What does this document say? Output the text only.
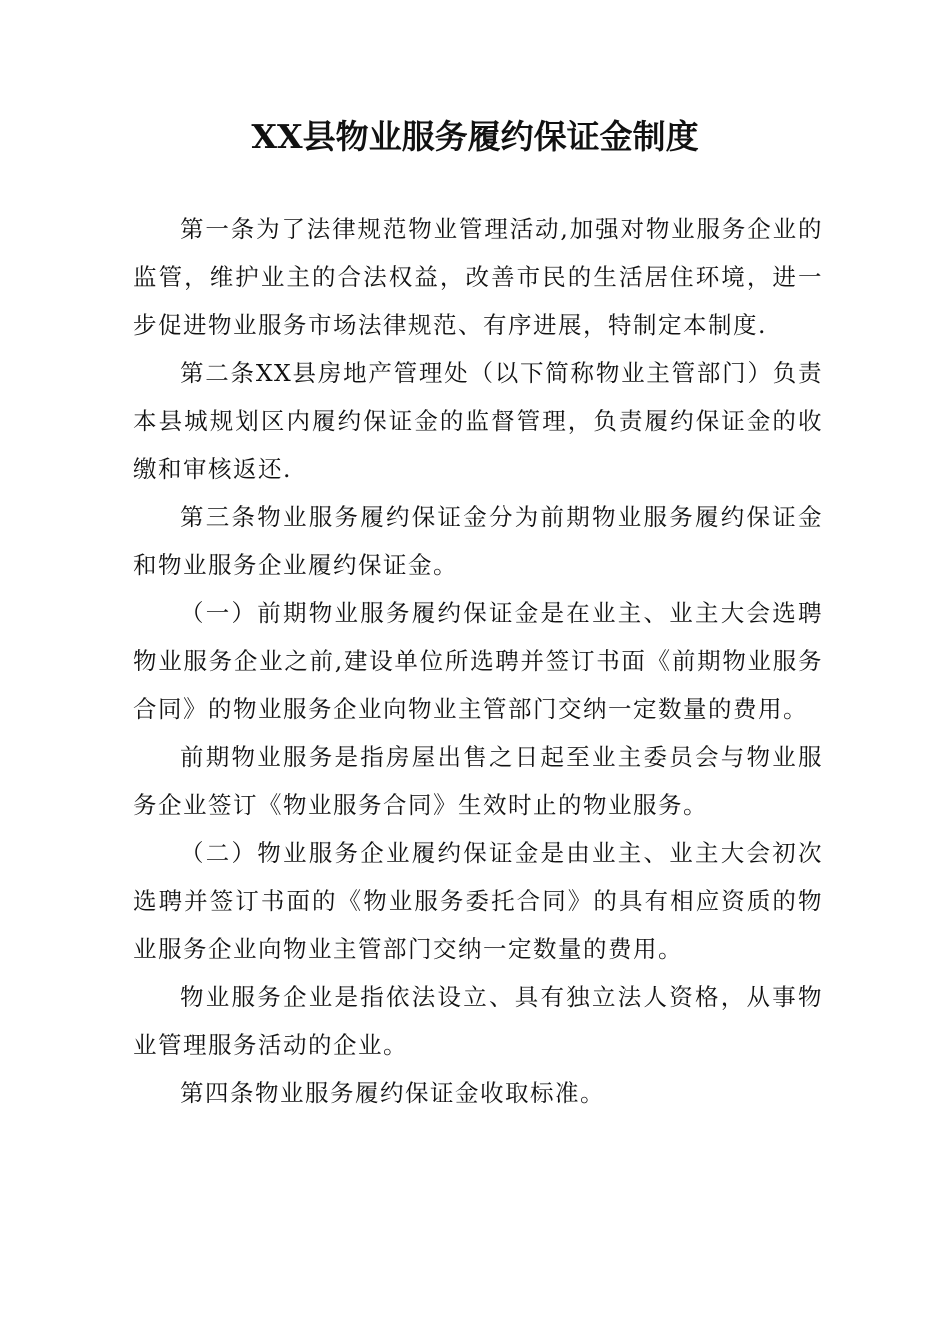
XX县物业服务履约保证金制度

第一条为了法律规范物业管理活动,加强对物业服务企业的监管，维护业主的合法权益，改善市民的生活居住环境，进一步促进物业服务市场法律规范、有序进展，特制定本制度.

第二条XX县房地产管理处（以下简称物业主管部门）负责本县城规划区内履约保证金的监督管理，负责履约保证金的收缴和审核返还.

第三条物业服务履约保证金分为前期物业服务履约保证金和物业服务企业履约保证金。

（一）前期物业服务履约保证金是在业主、业主大会选聘物业服务企业之前,建设单位所选聘并签订书面《前期物业服务合同》的物业服务企业向物业主管部门交纳一定数量的费用。

前期物业服务是指房屋出售之日起至业主委员会与物业服务企业签订《物业服务合同》生效时止的物业服务。

（二）物业服务企业履约保证金是由业主、业主大会初次选聘并签订书面的《物业服务委托合同》的具有相应资质的物业服务企业向物业主管部门交纳一定数量的费用。

物业服务企业是指依法设立、具有独立法人资格，从事物业管理服务活动的企业。

第四条物业服务履约保证金收取标准。
